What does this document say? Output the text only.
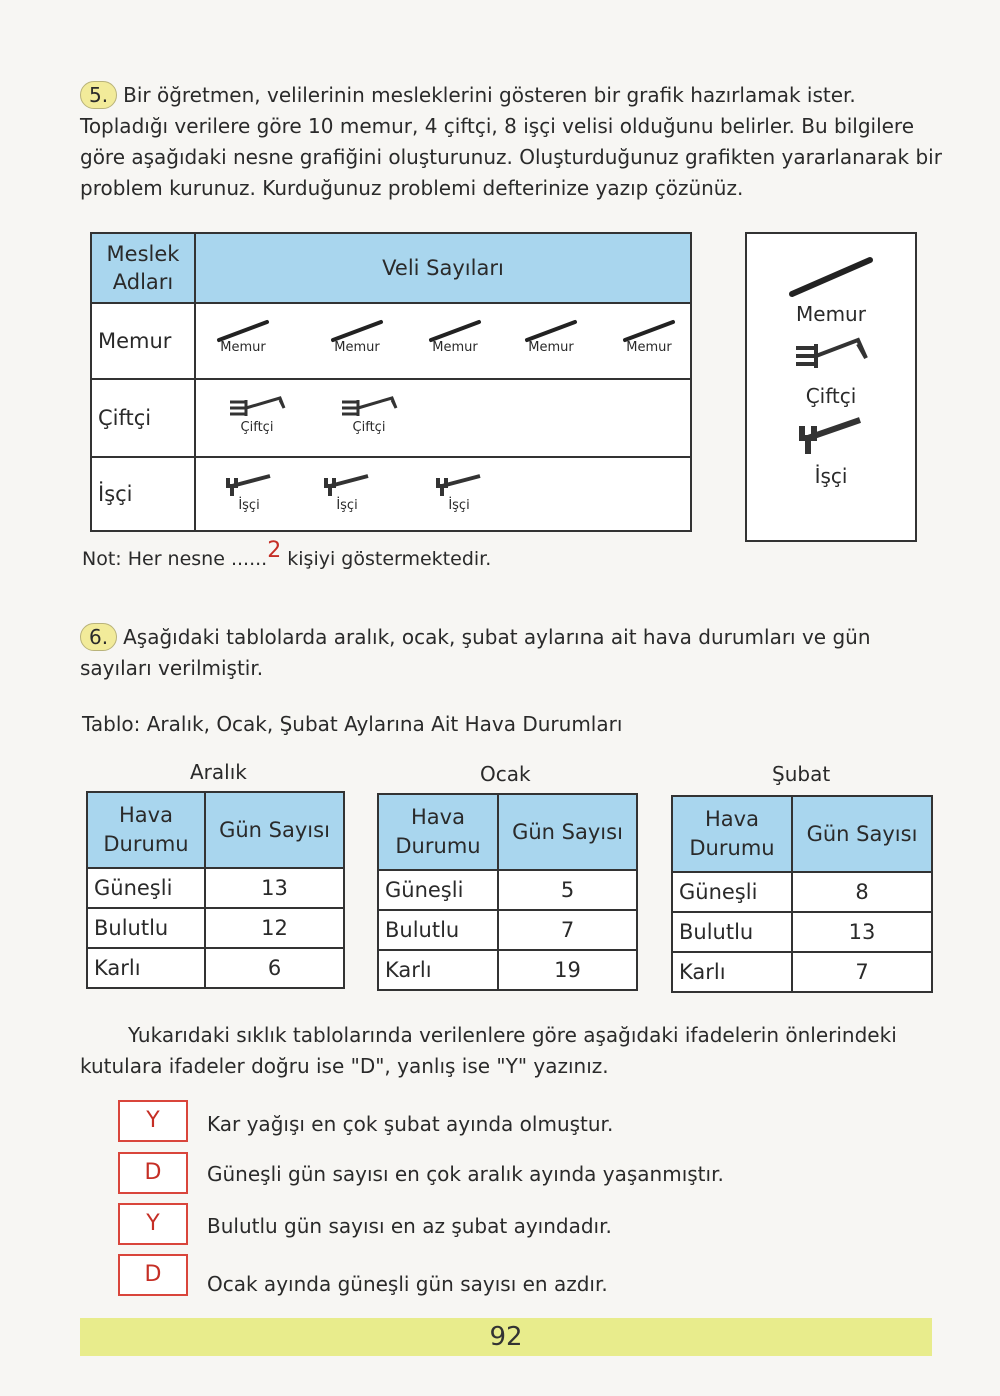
5. Bir öğretmen, velilerinin mesleklerini gösteren bir grafik hazırlamak ister. Topladığı verilere göre 10 memur, 4 çiftçi, 8 işçi velisi olduğunu belirler. Bu bilgilere göre aşağıdaki nesne grafiğini oluşturunuz. Oluşturduğunuz grafikten yararlanarak bir problem kurunuz. Kurduğunuz problemi defterinize yazıp çözünüz.
Meslek Adları	Veli Sayıları
Memur	Memur Memur Memur Memur Memur

Çiftçi	Çiftçi Çiftçi

İşçi	İşçi İşçi İşçi
Memur
Çiftçi
İşçi
Not: Her nesne ......2 kişiyi göstermektedir.
6. Aşağıdaki tablolarda aralık, ocak, şubat aylarına ait hava durumları ve gün sayıları verilmiştir.
Tablo: Aralık, Ocak, Şubat Aylarına Ait Hava Durumları
Aralık	Ocak	Şubat
Hava Durumu	Gün Sayısı
Güneşli	13
Bulutlu	12
Karlı	6
Hava Durumu	Gün Sayısı
Güneşli	5
Bulutlu	7
Karlı	19
Hava Durumu	Gün Sayısı
Güneşli	8
Bulutlu	13
Karlı	7
Yukarıdaki sıklık tablolarında verilenlere göre aşağıdaki ifadelerin önlerindeki kutulara ifadeler doğru ise "D", yanlış ise "Y" yazınız.
Y	Kar yağışı en çok şubat ayında olmuştur.
D	Güneşli gün sayısı en çok aralık ayında yaşanmıştır.
Y	Bulutlu gün sayısı en az şubat ayındadır.
D	Ocak ayında güneşli gün sayısı en azdır.
92
